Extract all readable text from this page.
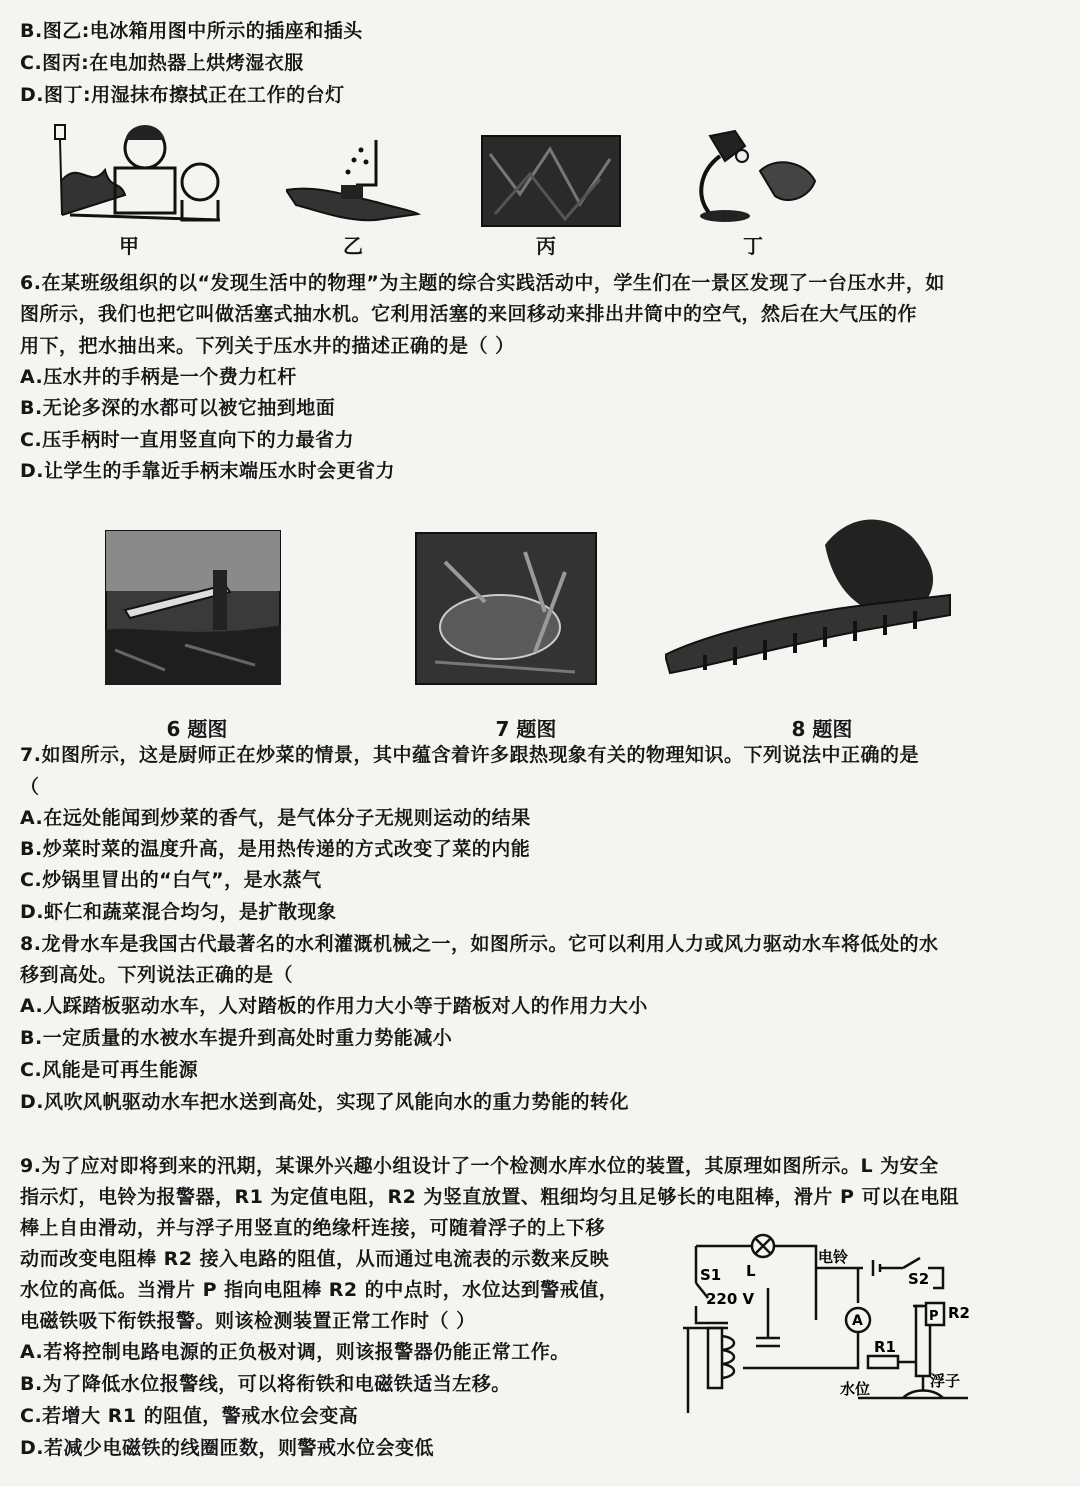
B.图乙:电冰箱用图中所示的插座和插头
C.图丙:在电加热器上烘烤湿衣服
D.图丁:用湿抹布擦拭正在工作的台灯
甲	乙	丙	丁
6.在某班级组织的以“发现生活中的物理”为主题的综合实践活动中，学生们在一景区发现了一台压水井，如
图所示，我们也把它叫做活塞式抽水机。它利用活塞的来回移动来排出井筒中的空气，然后在大气压的作
用下，把水抽出来。下列关于压水井的描述正确的是（ ）
A.压水井的手柄是一个费力杠杆
B.无论多深的水都可以被它抽到地面
C.压手柄时一直用竖直向下的力最省力
D.让学生的手靠近手柄末端压水时会更省力
6 题图	7 题图	8 题图
7.如图所示，这是厨师正在炒菜的情景，其中蕴含着许多跟热现象有关的物理知识。下列说法中正确的是
（
A.在远处能闻到炒菜的香气，是气体分子无规则运动的结果
B.炒菜时菜的温度升高，是用热传递的方式改变了菜的内能
C.炒锅里冒出的“白气”，是水蒸气
D.虾仁和蔬菜混合均匀，是扩散现象
8.龙骨水车是我国古代最著名的水利灌溉机械之一，如图所示。它可以利用人力或风力驱动水车将低处的水
移到高处。下列说法正确的是（
A.人踩踏板驱动水车，人对踏板的作用力大小等于踏板对人的作用力大小
B.一定质量的水被水车提升到高处时重力势能减小
C.风能是可再生能源
D.风吹风帆驱动水车把水送到高处，实现了风能向水的重力势能的转化
9.为了应对即将到来的汛期，某课外兴趣小组设计了一个检测水库水位的装置，其原理如图所示。L 为安全
指示灯，电铃为报警器，R1 为定值电阻，R2 为竖直放置、粗细均匀且足够长的电阻棒，滑片 P 可以在电阻
棒上自由滑动，并与浮子用竖直的绝缘杆连接，可随着浮子的上下移
动而改变电阻棒 R2 接入电路的阻值，从而通过电流表的示数来反映
水位的高低。当滑片 P 指向电阻棒 R2 的中点时，水位达到警戒值，
电磁铁吸下衔铁报警。则该检测装置正常工作时（ ）
A.若将控制电路电源的正负极对调，则该报警器仍能正常工作。
B.为了降低水位报警线，可以将衔铁和电磁铁适当左移。
C.若增大 R1 的阻值，警戒水位会变高
D.若减少电磁铁的线圈匝数，则警戒水位会变低
S1 L
220 V
电铃
S2
A	P R2
R1
水位	浮子
